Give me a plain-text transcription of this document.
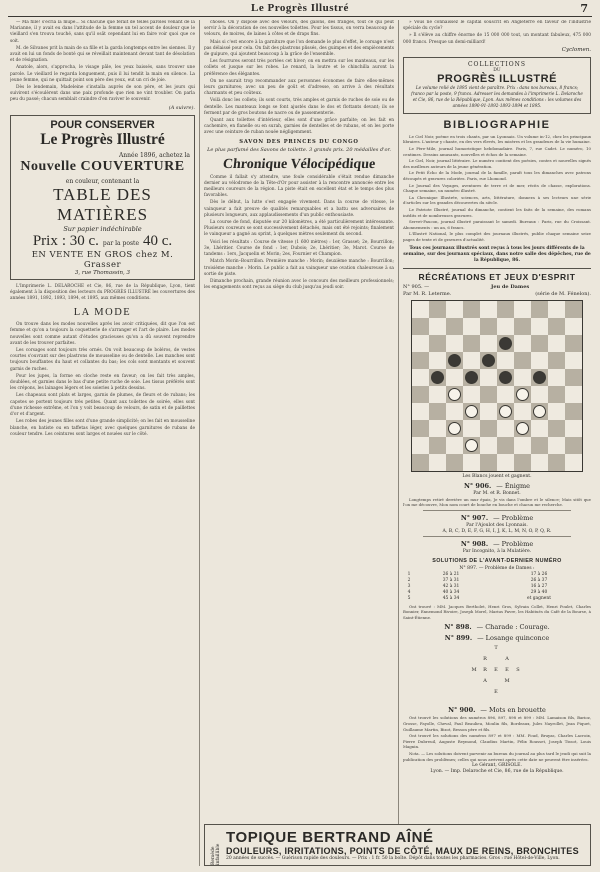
Le Progrès Illustré	7

— Ma fille! s'écria la mupe... Si chacune que ferait de telles paroles venant de la Marianne, il y avait eu dans l'attitude de la femme un tel accent de douleur que le vieillard s'en trouva touché, sans qu'il osât cependant lui en faire voir quoi que ce soit.

M. de Silvanes prit la main de sa fille et la garda longtemps entre les siennes. Il y avait en lui un fonds de bonté qui se réveillait maintenant devant tant de désolation et de résignation.

Anatole, alors, s'approcha, le visage pâle, les yeux baissés, sans trouver une parole. Le vieillard le regarda longuement, puis il lui tendit la main en silence. La jeune femme, qui ne quittait point son père des yeux, eut un cri de joie.

Dès le lendemain, Madeleine s'installa auprès de son père, et les jours qui suivirent s'écoulèrent dans une paix profonde que rien ne vint troubler. On parla peu du passé; chacun semblait craindre d'en raviver le souvenir.

(A suivre).
POUR CONSERVER
Le Progrès Illustré
Année 1896, achetez la
Nouvelle COUVERTURE
en couleur, contenant la
TABLE DES MATIÈRES
Sur papier indéchirable
Prix : 30 c. par la poste 40 c.
EN VENTE EN GROS chez M. Grasser
3, rue Thomassin, 3

L'Imprimerie L. DELAROCHE et Cie, 86, rue de la République, Lyon, tient également à la disposition des lecteurs du PROGRÈS ILLUSTRÉ les couvertures des années 1891, 1892, 1893, 1894, et 1895, aux mêmes conditions.

LA MODE

On trouve dans les modes nouvelles après les avoir critiquées, dit que l'on est femme et qu'on a toujours la coquetterie de s'arranger et l'art de plaire. Les modes nouvelles sont comme autant d'études gracieuses qu'on a dû souvent reprendre avant de les trouver parfaites.

Les corsages sont toujours très ornés. On voit beaucoup de boléros, de vestes courtes s'ouvrant sur des plastrons de mousseline ou de dentelle. Les manches sont toujours bouffantes du haut et collantes du bas; les cols sont montants et souvent garnis de ruches.

Pour les jupes, la forme en cloche reste en faveur; on les fait très amples, doublées, et garnies dans le bas d'une petite ruche de soie. Les tissus préférés sont les crépons, les lainages légers et les soieries à petits dessins.

Les chapeaux sont plats et larges, garnis de plumes, de fleurs et de rubans; les capotes se portent toujours très petites. Quant aux toilettes de soirée, elles sont d'une richesse extrême, et l'on y voit beaucoup de velours, de satin et de paillettes d'or et d'argent.

Les robes des jeunes filles sont d'une grande simplicité; on les fait en mousseline blanche, en batiste ou en taffetas léger, avec quelques garnitures de rubans de couleur tendre. Les ceintures sont larges et nouées sur le côté.

choses. On y dispose avec des velours, des galons, des franges, tout ce qui peut servir à la décoration de ces nouvelles toilettes. Pour les tissus, on verra beaucoup de velours, de moires, de laines à côtes et de draps fins.

Mais si c'est encore à la garniture que l'on demande le plus d'effet, le corsage n'est pas délaissé pour cela. On fait des plastrons plissés, des guimpes et des empiècements de guipure, qui ajoutent beaucoup à la grâce de l'ensemble.

Les fourrures seront très portées cet hiver; on en mettra sur les manteaux, sur les collets et jusque sur les robes. Le renard, la loutre et le chinchilla auront la préférence des élégantes.

On ne saurait trop recommander aux personnes économes de faire elles-mêmes leurs garnitures; avec un peu de goût et d'adresse, on arrive à des résultats charmants et peu coûteux.

Voilà donc les collets; ils sont courts, très amples et garnis de ruches de soie ou de dentelle. Les manteaux longs se font ajustés dans le dos et flottants devant; ils se ferment par de gros boutons de nacre ou de passementerie.

Quant aux toilettes d'intérieur, elles sont d'une grâce parfaite; on les fait en cachemire, en flanelle ou en surah, garnies de dentelles et de rubans, et on les porte avec une ceinture de ruban nouée négligemment.

SAVON DES PRINCES DU CONGO
Le plus parfumé des Savons de toilette. 3 grands prix. 20 médailles d'or.
Chronique Vélocipédique

Comme il fallait s'y attendre, une foule considérable s'était rendue dimanche dernier au vélodrome de la Tête-d'Or pour assister à la rencontre annoncée entre les meilleurs coureurs de la région. La piste était en excellent état et le temps des plus favorables.

Dès le début, la lutte s'est engagée vivement. Dans la course de vitesse, le vainqueur a fait preuve de qualités remarquables et a battu ses adversaires de plusieurs longueurs, aux applaudissements d'un public enthousiaste.

La course de fond, disputée sur 20 kilomètres, a été particulièrement intéressante. Plusieurs coureurs se sont successivement détachés, mais ont été rejoints; finalement le vainqueur a gagné au sprint, à quelques mètres seulement du second.

Voici les résultats : Course de vitesse (1 600 mètres) : 1er, Grasset; 2e, Bourrillon; 3e, Lhéritier. Course de fond : 1er, Dubois; 2e, Lhéritier; 3e, Marot. Course de tandems : 1ers, Jacquelin et Morin; 2es, Fournier et Champion.

Match Morin–Bourrillon. Première manche : Morin; deuxième manche : Bourrillon; troisième manche : Morin. Le public a fait au vainqueur une ovation chaleureuse à sa sortie de piste.

Dimanche prochain, grande réunion avec le concours des meilleurs professionnels; les engagements sont reçus au siège du club jusqu'au jeudi soir.

» Vous ne connaissez le capital souscrit en Angleterre en faveur de l'industrie spéciale du cycle?

» Il s'élève au chiffre énorme de 15 000 000 tout, un montant fabuleux, 475 000 000 francs. Presque un demi-milliard!

Cyclomen.
COLLECTIONS
DU
PROGRÈS ILLUSTRÉ
Le volume relié de 1895 vient de paraître. Prix : dans nos bureaux, 8 francs; franco par la poste, 9 francs. Adresser les demandes à l'imprimerie L. Delaroche et Cie, 86, rue de la République, Lyon. Aux mêmes conditions : les volumes des années 1890-91-1892-1893-1894 et 1895.
BIBLIOGRAPHIE

Le Ciel Noir, poème en trois chants, par un Lyonnais. Un volume in-12, chez les principaux libraires. L'auteur y chante, en des vers élevés, les misères et les grandeurs de la vie humaine.

Le Père-Mile, journal humoristique hebdomadaire. Paris, 7, rue Cadet. Le numéro, 10 centimes. Dessins amusants, nouvelles et échos de la semaine.

Le Ciel, Noir, journal littéraire. Le numéro contient des poésies, contes et nouvelles signés des meilleurs auteurs de la jeune génération.

Le Petit Écho de la Mode, journal de la famille, paraît tous les dimanches avec patrons découpés et gravures coloriées. Paris, rue Lhomond.

Le Journal des Voyages, aventures de terre et de mer, récits de chasse, explorations. Chaque semaine, un numéro illustré.

La Chronique Illustrée, sciences, arts, littérature, donnera à ses lecteurs une série d'articles sur les grandes découvertes du siècle.

Le Patriote Illustré, journal du dimanche, contient les faits de la semaine, des romans inédits et de nombreuses gravures.

Servet-Faucon, journal illustré paraissant le samedi. Bureaux : Paris, rue du Croissant. Abonnements : un an, 6 francs.

L'Illustré National, le plus complet des journaux illustrés, publie chaque semaine seize pages de texte et de gravures d'actualité.

Tous ces journaux illustrés sont reçus à tous les jours différents de la semaine, sur des journaux spéciaux, dans notre salle des dépêches, rue de la République, 86.
RÉCRÉATIONS ET JEUX D'ESPRIT
N° 905. —	Jeu de Dames
Par M. R. Leterme.	(série de M. Fénelon).
Les Blancs jouent et gagnent.
N° 906. — Énigme
Par M. et R. Bonnet.

Longtemps retiré derrière un mur épais, Je vis dans l'ombre et le silence; Mais sitôt que l'on me découvre, Mon nom court de bouche en bouche et chacun me recherche.

N° 907. — Problème
Par l'Ajoulot des Lyonnais.
A, B, C, D, E, F, G, H, I, J, K, L, M, N, O, P, Q, R.
N° 908. — Problème
Par Incognito, à la Mulatière.
SOLUTIONS DE L'AVANT-DERNIER NUMÉRO
N° 897. — Problème de Dames :
1	26 à 21	17 à 26
2	37 à 31	26 à 37
3	42 à 31	16 à 27
4	40 à 34	29 à 40
5	45 à 34	et gagnent

Ont trouvé : MM. Jacques Bertholet, Henri Gros, Sylvain Collet, Henri Poulet, Charles Bonnier, Ennemond Rivoire, Joseph Morel, Marius Favre, les Habitués du Café de la Bourse, à Saint-Étienne.

N° 898. — Charade : Courage.
N° 899. — Losange quinconce
T
R	A
M	E	S
A	M
E
R	E
N° 900. — Mots en brouette

Ont trouvé les solutions des numéros 896, 897, 898 et 899 : MM. Lamaison fils, Barioz, Grosse, Fayolle, Cheval, Paul Beaulieu, Moulin fils, Bordeaux, Jules Nayrollet, Jean Piquet, Guillaume Martin, Bizot, Besson père et fils.

Ont trouvé les solutions des numéros 897 et 899 : MM. Foud, Bruyas, Charles Lacroix, Pierre Dubreuil, Auguste Reymond, Claudius Martin, Félix Rousset, Joseph Tissot, Louis Magnin.

Nota. — Les solutions doivent parvenir au bureau du journal au plus tard le jeudi qui suit la publication des problèmes; celles qui nous arrivent après cette date ne peuvent être insérées.

Le Gérant, GRISOLE.
Lyon. — Imp. Delaroche et Cie, 86, rue de la République.
Remède infaillible
TOPIQUE BERTRAND AÎNÉ
DOULEURS, IRRITATIONS, POINTS DE CÔTÉ, MAUX DE REINS, BRONCHITES
20 années de succès. — Guérison rapide des douleurs. — Prix : 1 fr. 50 la boîte. Dépôt dans toutes les pharmacies. Gros : rue Hôtel-de-Ville, Lyon.
